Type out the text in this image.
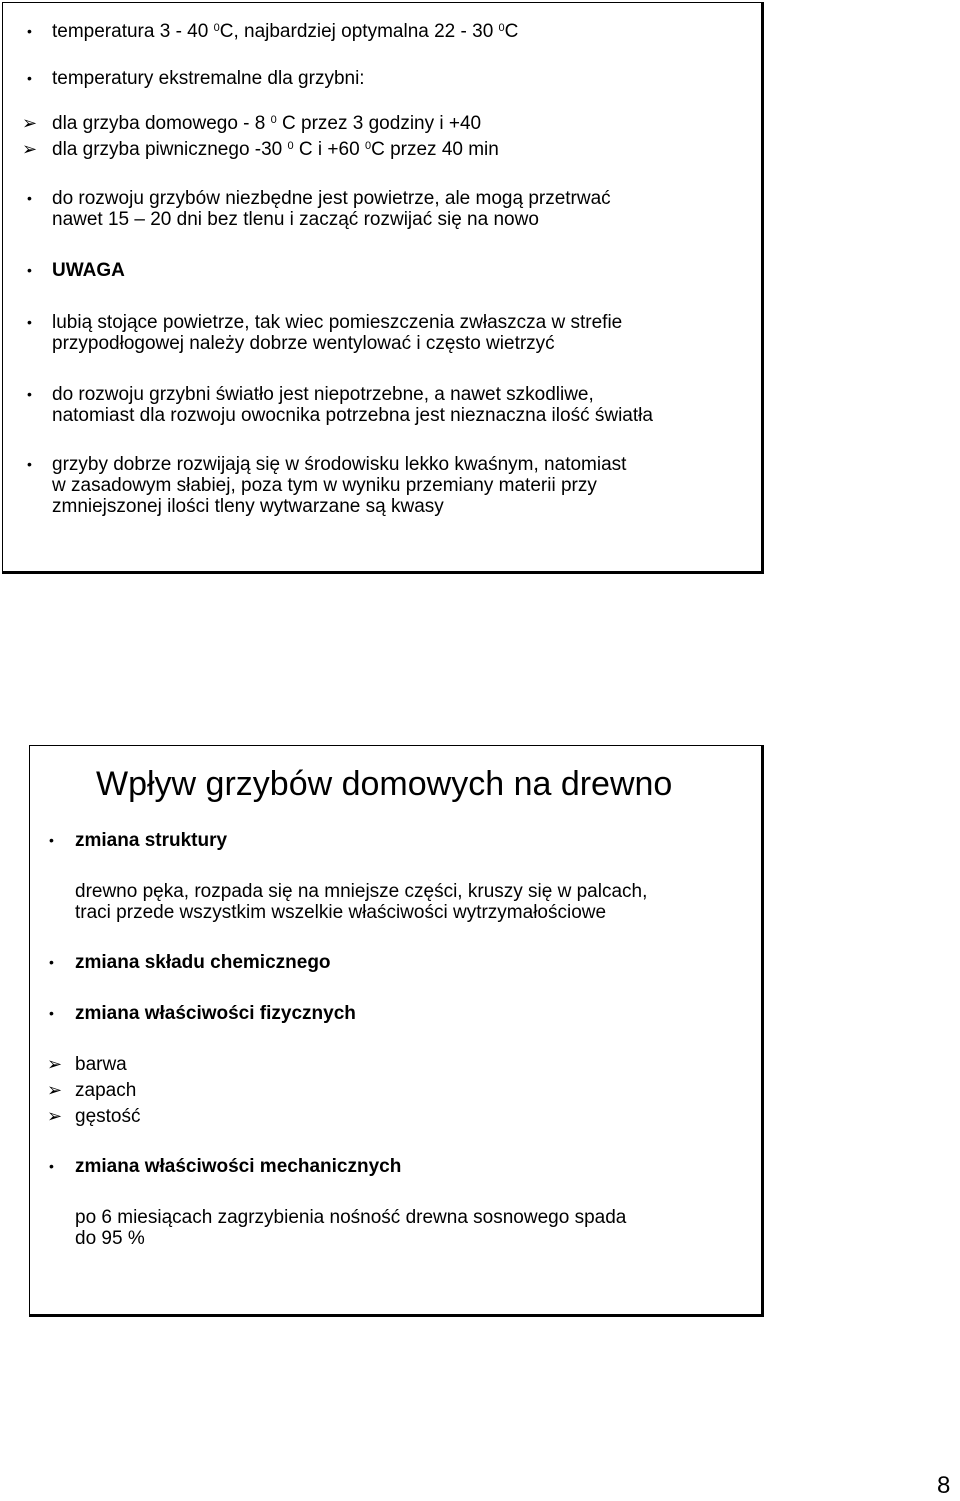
• temperatura 3 - 40 $^0$C, najbardziej optymalna 22 - 30 $^0$C
• temperatury ekstremalne dla grzybni:
➢ dla grzyba domowego - 8 $^0$ C przez 3 godziny i +40
➢ dla grzyba piwnicznego -30 $^0$ C i +60 $^0$C przez 40 min
• do rozwoju grzybów niezbędne jest powietrze, ale mogą przetrwać
nawet 15 – 20 dni bez tlenu i zacząć rozwijać się na nowo
• UWAGA
• lubią stojące powietrze, tak wiec pomieszczenia zwłaszcza w strefie
przypodłogowej należy dobrze wentylować i często wietrzyć
• do rozwoju grzybni światło jest niepotrzebne, a nawet szkodliwe,
natomiast dla rozwoju owocnika potrzebna jest nieznaczna ilość światła
• grzyby dobrze rozwijają się w środowisku lekko kwaśnym, natomiast
w zasadowym słabiej, poza tym w wyniku przemiany materii przy
zmniejszonej ilości tleny wytwarzane są kwasy
Wpływ grzybów domowych na drewno
• zmiana struktury
drewno pęka, rozpada się na mniejsze części, kruszy się w palcach,
traci przede wszystkim wszelkie właściwości wytrzymałościowe
• zmiana składu chemicznego
• zmiana właściwości fizycznych
➢ barwa
➢ zapach
➢ gęstość
• zmiana właściwości mechanicznych
po 6 miesiącach zagrzybienia nośność drewna sosnowego spada
do 95 %
8
